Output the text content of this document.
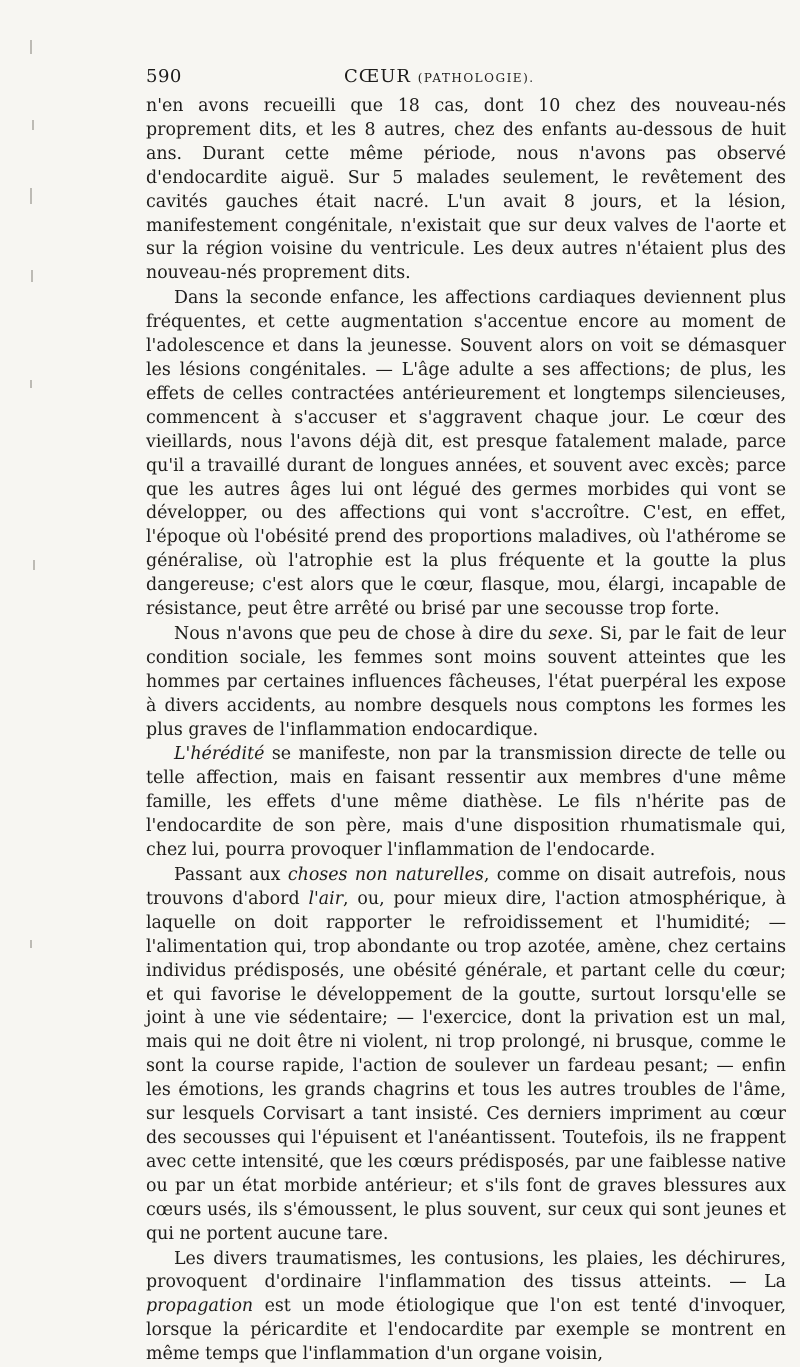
590	CŒUR (PATHOLOGIE).

n'en avons recueilli que 18 cas, dont 10 chez des nouveau-nés proprement dits, et les 8 autres, chez des enfants au-dessous de huit ans. Durant cette même période, nous n'avons pas observé d'endocardite aiguë. Sur 5 malades seulement, le revêtement des cavités gauches était nacré. L'un avait 8 jours, et la lésion, manifestement congénitale, n'existait que sur deux valves de l'aorte et sur la région voisine du ventricule. Les deux autres n'étaient plus des nouveau-nés proprement dits.

Dans la seconde enfance, les affections cardiaques deviennent plus fréquentes, et cette augmentation s'accentue encore au moment de l'adolescence et dans la jeunesse. Souvent alors on voit se démasquer les lésions congénitales. — L'âge adulte a ses affections; de plus, les effets de celles contractées antérieurement et longtemps silencieuses, commencent à s'accuser et s'aggravent chaque jour. Le cœur des vieillards, nous l'avons déjà dit, est presque fatalement malade, parce qu'il a travaillé durant de longues années, et souvent avec excès; parce que les autres âges lui ont légué des germes morbides qui vont se développer, ou des affections qui vont s'accroître. C'est, en effet, l'époque où l'obésité prend des proportions maladives, où l'athérome se généralise, où l'atrophie est la plus fréquente et la goutte la plus dangereuse; c'est alors que le cœur, flasque, mou, élargi, incapable de résistance, peut être arrêté ou brisé par une secousse trop forte.

Nous n'avons que peu de chose à dire du sexe. Si, par le fait de leur condition sociale, les femmes sont moins souvent atteintes que les hommes par certaines influences fâcheuses, l'état puerpéral les expose à divers accidents, au nombre desquels nous comptons les formes les plus graves de l'inflammation endocardique.

L'hérédité se manifeste, non par la transmission directe de telle ou telle affection, mais en faisant ressentir aux membres d'une même famille, les effets d'une même diathèse. Le fils n'hérite pas de l'endocardite de son père, mais d'une disposition rhumatismale qui, chez lui, pourra provoquer l'inflammation de l'endocarde.

Passant aux choses non naturelles, comme on disait autrefois, nous trouvons d'abord l'air, ou, pour mieux dire, l'action atmosphérique, à laquelle on doit rapporter le refroidissement et l'humidité; — l'alimentation qui, trop abondante ou trop azotée, amène, chez certains individus prédisposés, une obésité générale, et partant celle du cœur; et qui favorise le développement de la goutte, surtout lorsqu'elle se joint à une vie sédentaire; — l'exercice, dont la privation est un mal, mais qui ne doit être ni violent, ni trop prolongé, ni brusque, comme le sont la course rapide, l'action de soulever un fardeau pesant; — enfin les émotions, les grands chagrins et tous les autres troubles de l'âme, sur lesquels Corvisart a tant insisté. Ces derniers impriment au cœur des secousses qui l'épuisent et l'anéantissent. Toutefois, ils ne frappent avec cette intensité, que les cœurs prédisposés, par une faiblesse native ou par un état morbide antérieur; et s'ils font de graves blessures aux cœurs usés, ils s'émoussent, le plus souvent, sur ceux qui sont jeunes et qui ne portent aucune tare.

Les divers traumatismes, les contusions, les plaies, les déchirures, provoquent d'ordinaire l'inflammation des tissus atteints. — La propagation est un mode étiologique que l'on est tenté d'invoquer, lorsque la péricardite et l'endocardite par exemple se montrent en même temps que l'inflammation d'un organe voisin,
